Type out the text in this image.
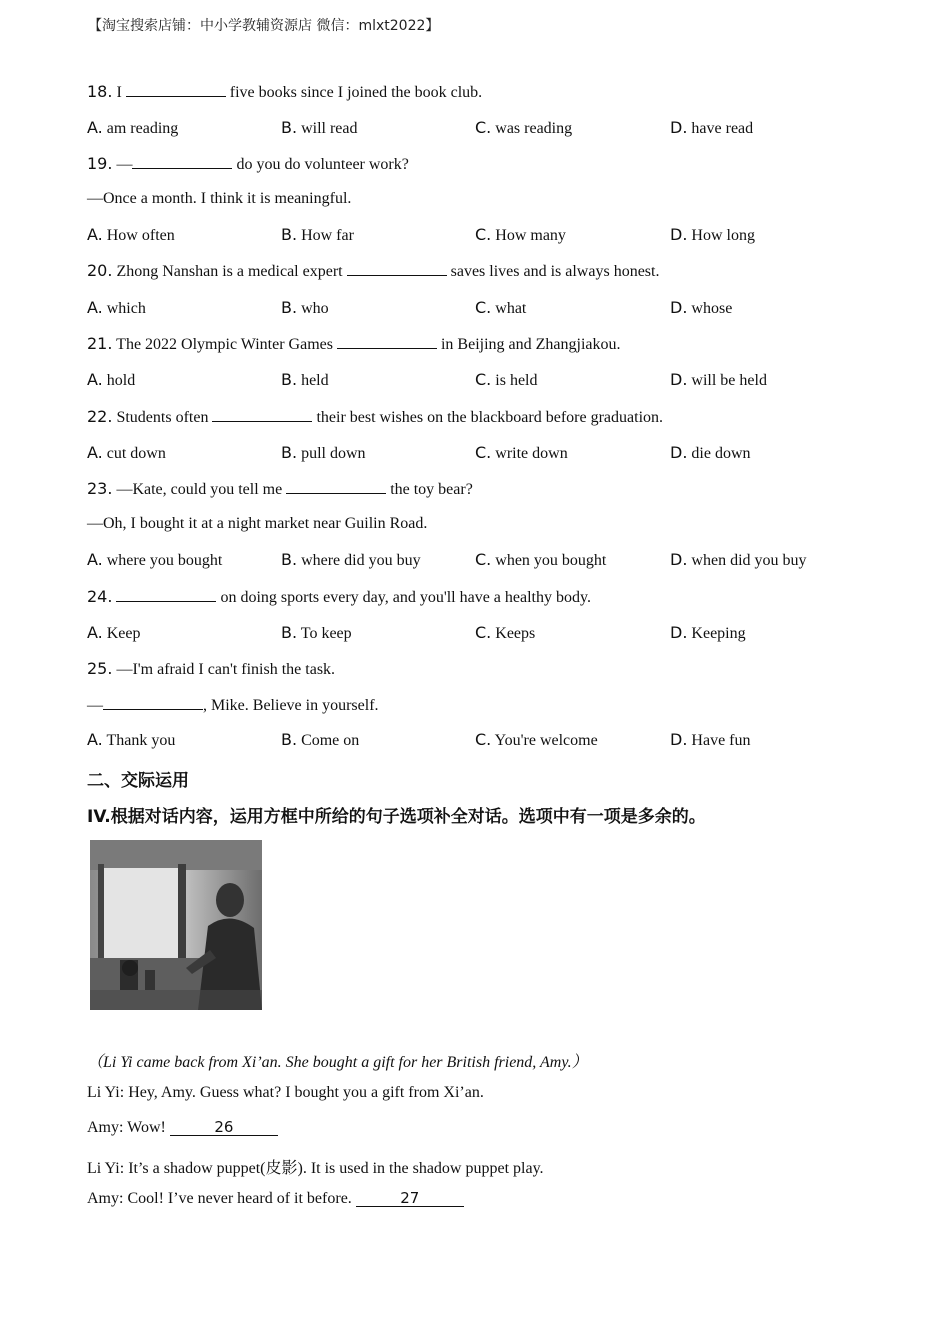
【淘宝搜索店铺：中小学教辅资源店 微信：mlxt2022】
18. I	five books since I joined the book club.
A. am reading	B. will read	C. was reading	D. have read
19. —	do you do volunteer work?
—Once a month. I think it is meaningful.
A. How often	B. How far	C. How many	D. How long
20. Zhong Nanshan is a medical expert	saves lives and is always honest.
A. which	B. who	C. what	D. whose
21. The 2022 Olympic Winter Games	in Beijing and Zhangjiakou.
A. hold	B. held	C. is held	D. will be held
22. Students often	their best wishes on the blackboard before graduation.
A. cut down	B. pull down	C. write down	D. die down
23. —Kate, could you tell me	the toy bear?
—Oh, I bought it at a night market near Guilin Road.
A. where you bought	B. where did you buy	C. when you bought	D. when did you buy
24.	on doing sports every day, and you'll have a healthy body.
A. Keep	B. To keep	C. Keeps	D. Keeping
25. —I'm afraid I can't finish the task.
—	, Mike. Believe in yourself.
A. Thank you	B. Come on	C. You're welcome	D. Have fun
二、交际运用
IV.根据对话内容，运用方框中所给的句子选项补全对话。选项中有一项是多余的。
（Li Yi came back from Xi’an. She bought a gift for her British friend, Amy.）
Li Yi: Hey, Amy. Guess what? I bought you a gift from Xi’an.
Amy: Wow!	26
Li Yi: It’s a shadow puppet(皮影). It is used in the shadow puppet play.
Amy: Cool! I’ve never heard of it before.	27
